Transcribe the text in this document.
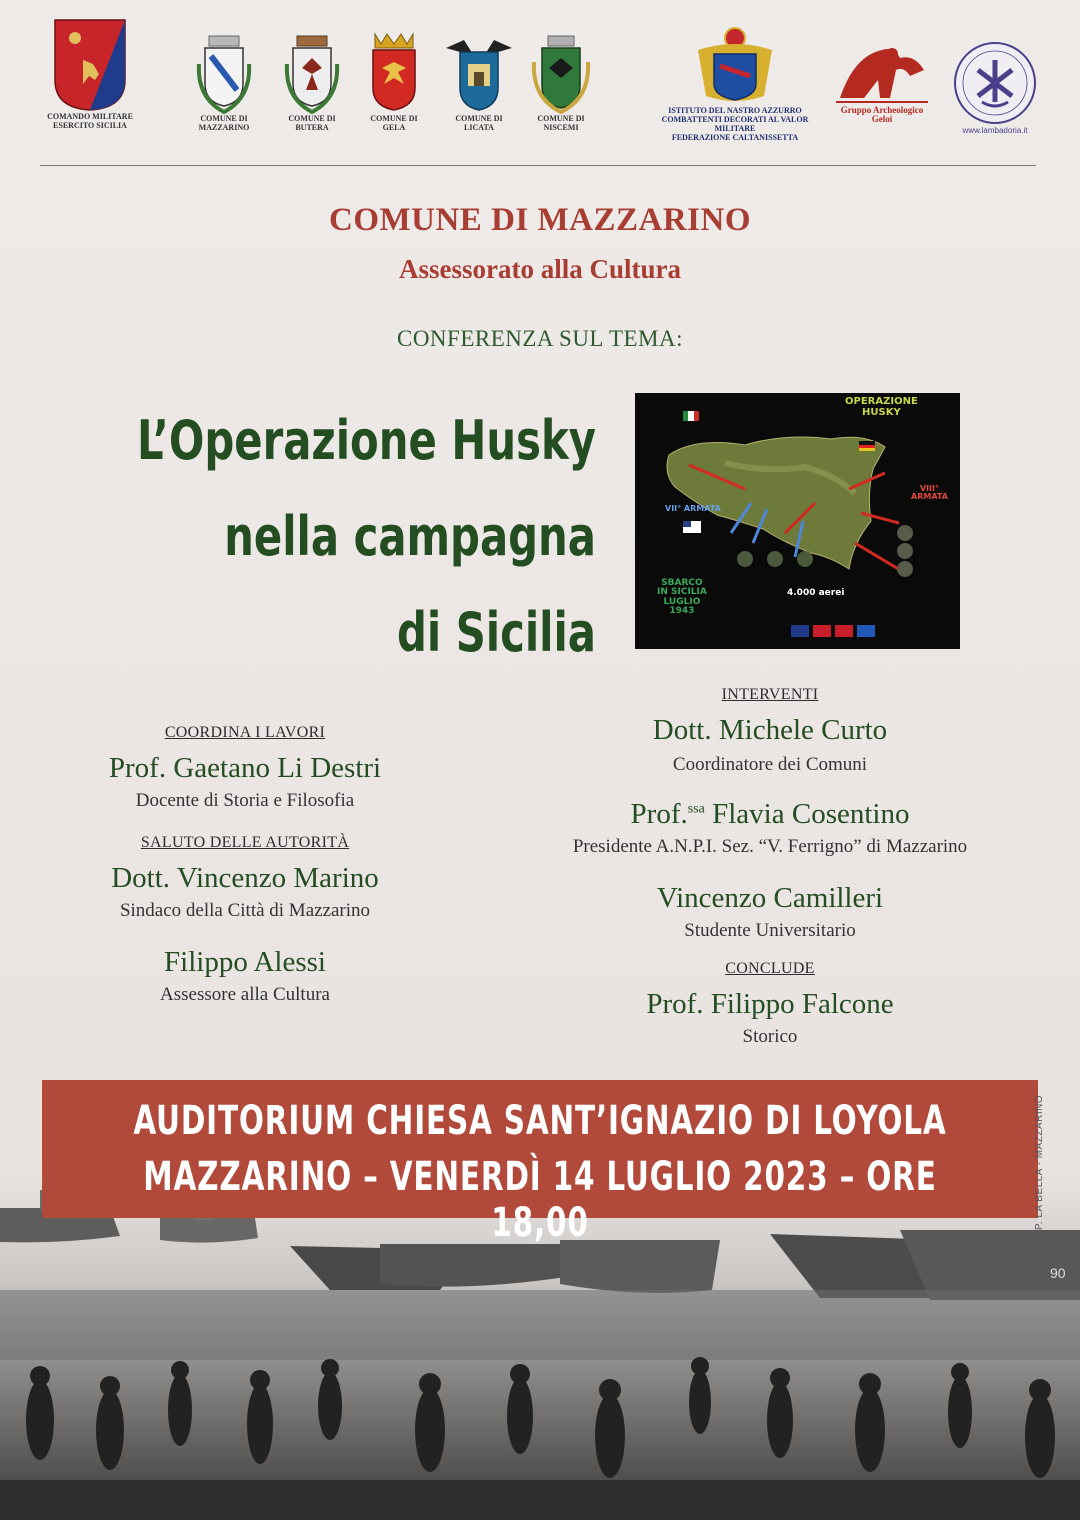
COMANDO MILITARE
ESERCITO SICILIA
COMUNE DI
MAZZARINO
COMUNE DI
BUTERA
COMUNE DI
GELA
COMUNE DI
LICATA
COMUNE DI
NISCEMI
ISTITUTO DEL NASTRO AZZURRO
COMBATTENTI DECORATI AL VALOR MILITARE
FEDERAZIONE CALTANISSETTA
Gruppo Archeologico
Geloi
www.lambadoria.it
COMUNE DI MAZZARINO
Assessorato alla Cultura
CONFERENZA SUL TEMA:
L’Operazione Husky
nella campagna
di Sicilia
OPERAZIONE
HUSKY
VII° ARMATA
VIII°
ARMATA
SBARCO
IN SICILIA
LUGLIO
1943
4.000 aerei
COORDINA I LAVORI
Prof. Gaetano Li Destri
Docente di Storia e Filosofia
SALUTO DELLE AUTORITÀ
Dott. Vincenzo Marino
Sindaco della Città di Mazzarino
Filippo Alessi
Assessore alla Cultura
INTERVENTI
Dott. Michele Curto
Coordinatore dei Comuni
Prof.$^{ssa}$ Flavia Cosentino
Presidente A.N.P.I. Sez. “V. Ferrigno” di Mazzarino
Vincenzo Camilleri
Studente Universitario
CONCLUDE
Prof. Filippo Falcone
Storico
90
AUDITORIUM CHIESA SANT’IGNAZIO DI LOYOLA
MAZZARINO – VENERDÌ 14 LUGLIO 2023 – ORE 18,00	TIP. LA BELLA - MAZZARINO
